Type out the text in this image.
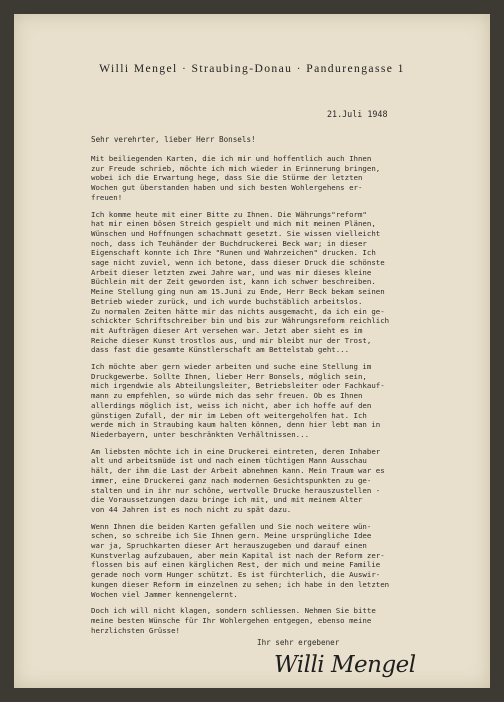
Willi Mengel · Straubing-Donau · Pandurengasse 1
21.Juli 1948
Sehr verehrter, lieber Herr Bonsels!
Mit beiliegenden Karten, die ich mir und hoffentlich auch Ihnen
zur Freude schrieb, möchte ich mich wieder in Erinnerung bringen,
wobei ich die Erwartung hege, dass Sie die Stürme der letzten
Wochen gut überstanden haben und sich besten Wohlergehens er-
freuen!
Ich komme heute mit einer Bitte zu Ihnen. Die Währungs"reform"
hat mir einen bösen Streich gespielt und mich mit meinen Plänen,
Wünschen und Hoffnungen schachmatt gesetzt. Sie wissen vielleicht
noch, dass ich Teuhänder der Buchdruckerei Beck war; in dieser
Eigenschaft konnte ich Ihre "Runen und Wahrzeichen" drucken. Ich
sage nicht zuviel, wenn ich betone, dass dieser Druck die schönste
Arbeit dieser letzten zwei Jahre war, und was mir dieses kleine
Büchlein mit der Zeit geworden ist, kann ich schwer beschreiben.
Meine Stellung ging nun am 15.Juni zu Ende, Herr Beck bekam seinen
Betrieb wieder zurück, und ich wurde buchstäblich arbeitslos.
Zu normalen Zeiten hätte mir das nichts ausgemacht, da ich ein ge-
schickter Schriftschreiber bin und bis zur Währungsreform reichlich
mit Aufträgen dieser Art versehen war. Jetzt aber sieht es im
Reiche dieser Kunst trostlos aus, und mir bleibt nur der Trost,
dass fast die gesamte Künstlerschaft am Bettelstab geht...
Ich möchte aber gern wieder arbeiten und suche eine Stellung im
Druckgewerbe. Sollte Ihnen, lieber Herr Bonsels, möglich sein,
mich irgendwie als Abteilungsleiter, Betriebsleiter oder Fachkauf-
mann zu empfehlen, so würde mich das sehr freuen. Ob es Ihnen
allerdings möglich ist, weiss ich nicht, aber ich hoffe auf den
günstigen Zufall, der mir im Leben oft weitergeholfen hat. Ich
werde mich in Straubing kaum halten können, denn hier lebt man in
Niederbayern, unter beschränkten Verhältnissen...
Am liebsten möchte ich in eine Druckerei eintreten, deren Inhaber
alt und arbeitsmüde ist und nach einem tüchtigen Mann Ausschau
hält, der ihm die Last der Arbeit abnehmen kann. Mein Traum war es
immer, eine Druckerei ganz nach modernen Gesichtspunkten zu ge-
stalten und in ihr nur schöne, wertvolle Drucke herauszustellen -
die Voraussetzungen dazu bringe ich mit, und mit meinem Alter
von 44 Jahren ist es noch nicht zu spät dazu.
Wenn Ihnen die beiden Karten gefallen und Sie noch weitere wün-
schen, so schreibe ich Sie Ihnen gern. Meine ursprüngliche Idee
war ja, Spruchkarten dieser Art herauszugeben und darauf einen
Kunstverlag aufzubauen, aber mein Kapital ist nach der Reform zer-
flossen bis auf einen kärglichen Rest, der mich und meine Familie
gerade noch vorm Hunger schützt. Es ist fürchterlich, die Auswir-
kungen dieser Reform im einzelnen zu sehen; ich habe in den letzten
Wochen viel Jammer kennengelernt.
Doch ich will nicht klagen, sondern schliessen. Nehmen Sie bitte
meine besten Wünsche für Ihr Wohlergehen entgegen, ebenso meine
herzlichsten Grüsse!
Ihr sehr ergebener
Willi Mengel
